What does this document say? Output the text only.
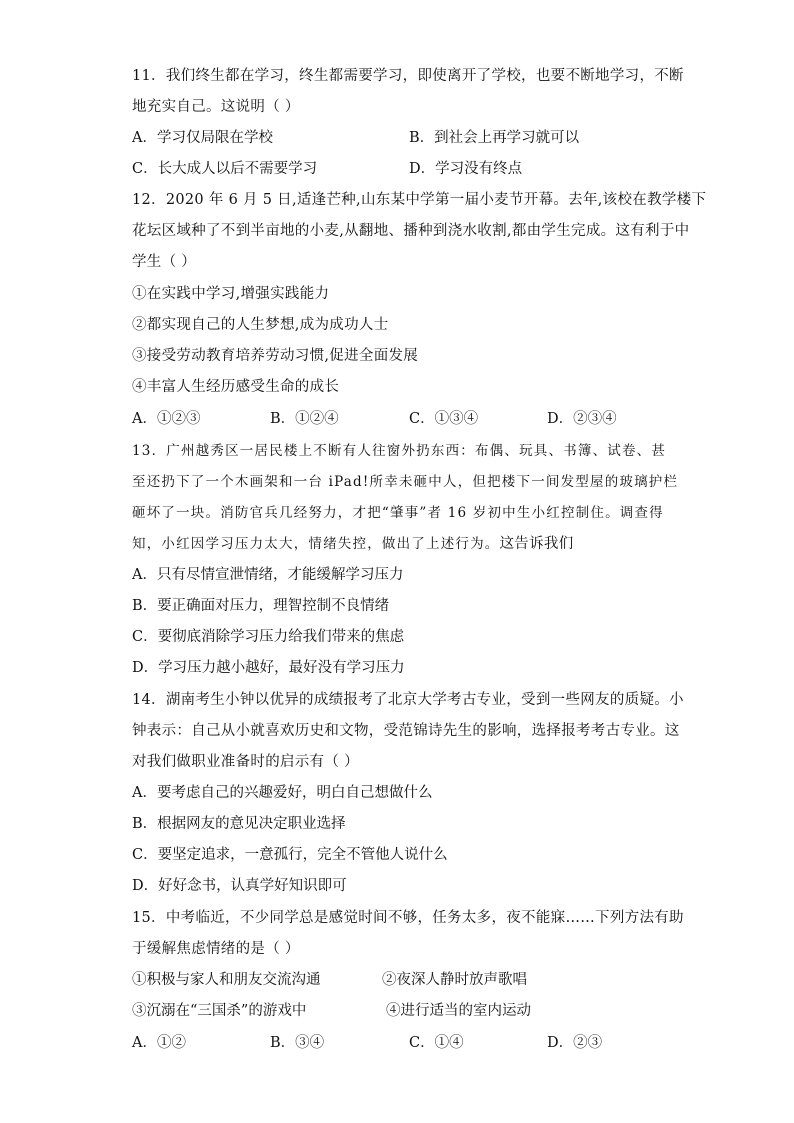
11．我们终生都在学习，终生都需要学习，即使离开了学校，也要不断地学习，不断
地充实自己。这说明（ ）
A．学习仅局限在学校	B．到社会上再学习就可以
C．长大成人以后不需要学习	D．学习没有终点
12．2020 年 6 月 5 日,适逢芒种,山东某中学第一届小麦节开幕。去年,该校在教学楼下
花坛区域种了不到半亩地的小麦,从翻地、播种到浇水收割,都由学生完成。这有利于中
学生（ ）
①在实践中学习,增强实践能力
②都实现自己的人生梦想,成为成功人士
③接受劳动教育培养劳动习惯,促进全面发展
④丰富人生经历感受生命的成长
A．①②③	B．①②④	C．①③④	D．②③④
13．广州越秀区一居民楼上不断有人往窗外扔东西：布偶、玩具、书簿、试卷、甚
至还扔下了一个木画架和一台 iPad!所幸未砸中人，但把楼下一间发型屋的玻璃护栏
砸坏了一块。消防官兵几经努力，才把“肇事”者 16 岁初中生小红控制住。调查得
知，小红因学习压力太大，情绪失控，做出了上述行为。这告诉我们
A．只有尽情宣泄情绪，才能缓解学习压力
B．要正确面对压力，理智控制不良情绪
C．要彻底消除学习压力给我们带来的焦虑
D．学习压力越小越好，最好没有学习压力
14．湖南考生小钟以优异的成绩报考了北京大学考古专业，受到一些网友的质疑。小
钟表示：自己从小就喜欢历史和文物，受范锦诗先生的影响，选择报考考古专业。这
对我们做职业准备时的启示有（ ）
A．要考虑自己的兴趣爱好，明白自己想做什么
B．根据网友的意见决定职业选择
C．要坚定追求，一意孤行，完全不管他人说什么
D．好好念书，认真学好知识即可
15．中考临近，不少同学总是感觉时间不够，任务太多，夜不能寐……下列方法有助
于缓解焦虑情绪的是（ ）
①积极与家人和朋友交流沟通	②夜深人静时放声歌唱
③沉溺在“三国杀”的游戏中	④进行适当的室内运动
A．①②	B．③④	C．①④	D．②③
